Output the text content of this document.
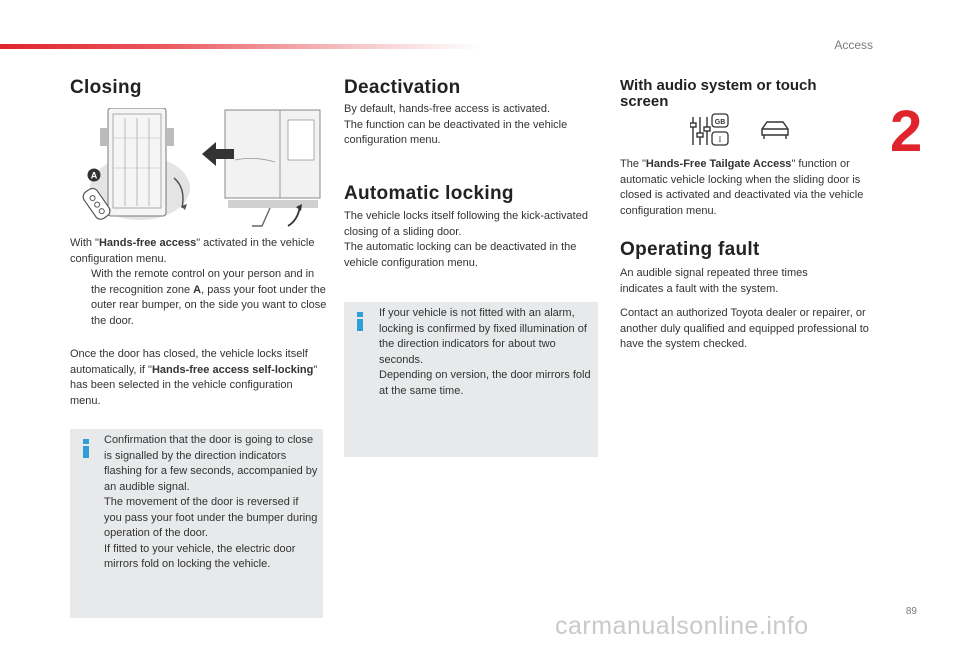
Access
2
89
carmanualsonline.info
Closing
A

With "Hands-free access" activated in the vehicle configuration menu.

With the remote control on your person and in the recognition zone A, pass your foot under the outer rear bumper, on the side you want to close the door.

Once the door has closed, the vehicle locks itself automatically, if "Hands-free access self-locking" has been selected in the vehicle configuration menu.

Confirmation that the door is going to close is signalled by the direction indicators flashing for a few seconds, accompanied by an audible signal.
The movement of the door is reversed if you pass your foot under the bumper during operation of the door.
If fitted to your vehicle, the electric door mirrors fold on locking the vehicle.
Deactivation

By default, hands-free access is activated.
The function can be deactivated in the vehicle configuration menu.

Automatic locking

The vehicle locks itself following the kick-activated closing of a sliding door.
The automatic locking can be deactivated in the vehicle configuration menu.

If your vehicle is not fitted with an alarm, locking is confirmed by fixed illumination of the direction indicators for about two seconds.
Depending on version, the door mirrors fold at the same time.
With audio system or touch screen
GB
I

The "Hands-Free Tailgate Access" function or automatic vehicle locking when the sliding door is closed is activated and deactivated via the vehicle configuration menu.

Operating fault

An audible signal repeated three times indicates a fault with the system.

Contact an authorized Toyota dealer or repairer, or another duly qualified and equipped professional to have the system checked.
